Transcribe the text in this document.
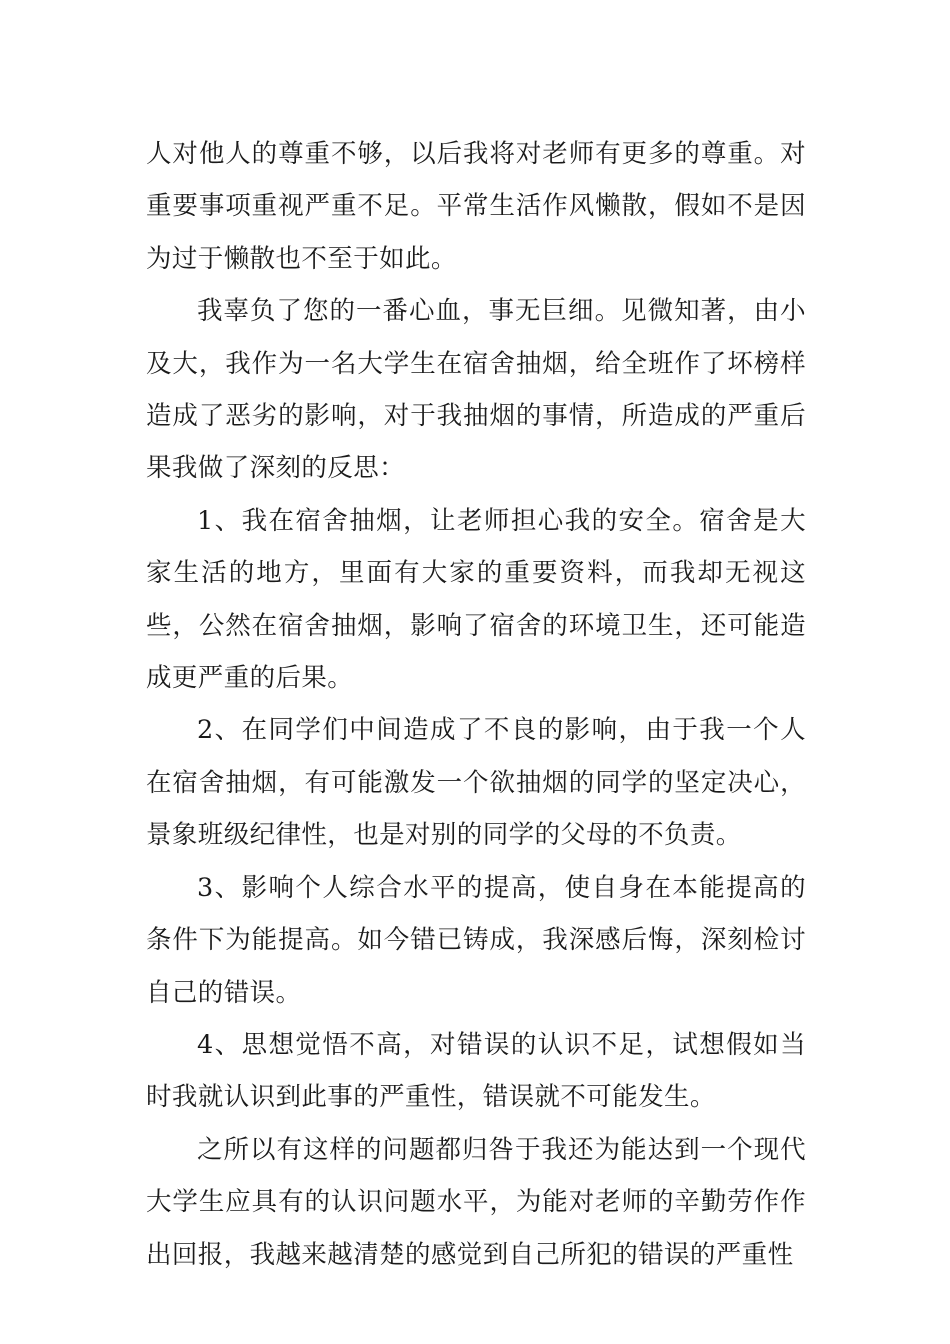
人对他人的尊重不够，以后我将对老师有更多的尊重。对重要事项重视严重不足。平常生活作风懒散，假如不是因为过于懒散也不至于如此。

我辜负了您的一番心血，事无巨细。见微知著，由小及大，我作为一名大学生在宿舍抽烟，给全班作了坏榜样造成了恶劣的影响，对于我抽烟的事情，所造成的严重后果我做了深刻的反思：

1、我在宿舍抽烟，让老师担心我的安全。宿舍是大家生活的地方，里面有大家的重要资料，而我却无视这些，公然在宿舍抽烟，影响了宿舍的环境卫生，还可能造成更严重的后果。

2、在同学们中间造成了不良的影响，由于我一个人在宿舍抽烟，有可能激发一个欲抽烟的同学的坚定决心，景象班级纪律性，也是对别的同学的父母的不负责。

3、影响个人综合水平的提高，使自身在本能提高的条件下为能提高。如今错已铸成，我深感后悔，深刻检讨自己的错误。

4、思想觉悟不高，对错误的认识不足，试想假如当时我就认识到此事的严重性，错误就不可能发生。

之所以有这样的问题都归咎于我还为能达到一个现代大学生应具有的认识问题水平，为能对老师的辛勤劳作作出回报，我越来越清楚的感觉到自己所犯的错误的严重性
